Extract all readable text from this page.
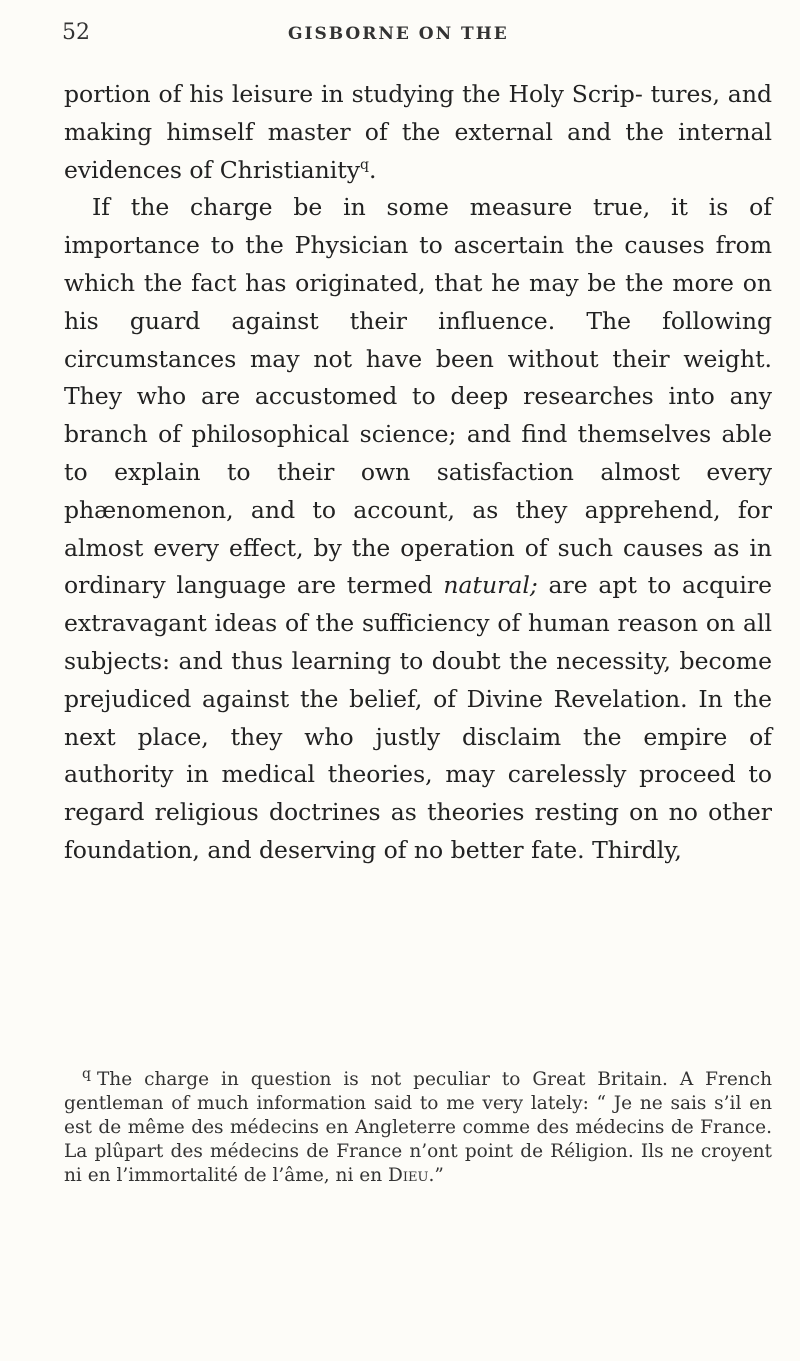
52	GISBORNE ON THE

portion of his leisure in studying the Holy Scrip- tures, and making himself master of the external and the internal evidences of Christianity$^q$.

If the charge be in some measure true, it is of importance to the Physician to ascertain the causes from which the fact has originated, that he may be the more on his guard against their influence. The following circumstances may not have been without their weight. They who are accustomed to deep researches into any branch of philosophical science; and find themselves able to explain to their own satisfaction almost every phænomenon, and to account, as they apprehend, for almost every effect, by the operation of such causes as in ordinary language are termed natural; are apt to acquire extravagant ideas of the sufficiency of human reason on all subjects: and thus learning to doubt the necessity, become prejudiced against the belief, of Divine Revelation. In the next place, they who justly disclaim the empire of authority in medical theories, may carelessly proceed to regard religious doctrines as theories resting on no other foundation, and deserving of no better fate. Thirdly,

$^q$ The charge in question is not peculiar to Great Britain. A French gentleman of much information said to me very lately: “ Je ne sais s’il en est de même des médecins en Angleterre comme des médecins de France. La plûpart des médecins de France n’ont point de Réligion. Ils ne croyent ni en l’immortalité de l’âme, ni en Dieu.”
